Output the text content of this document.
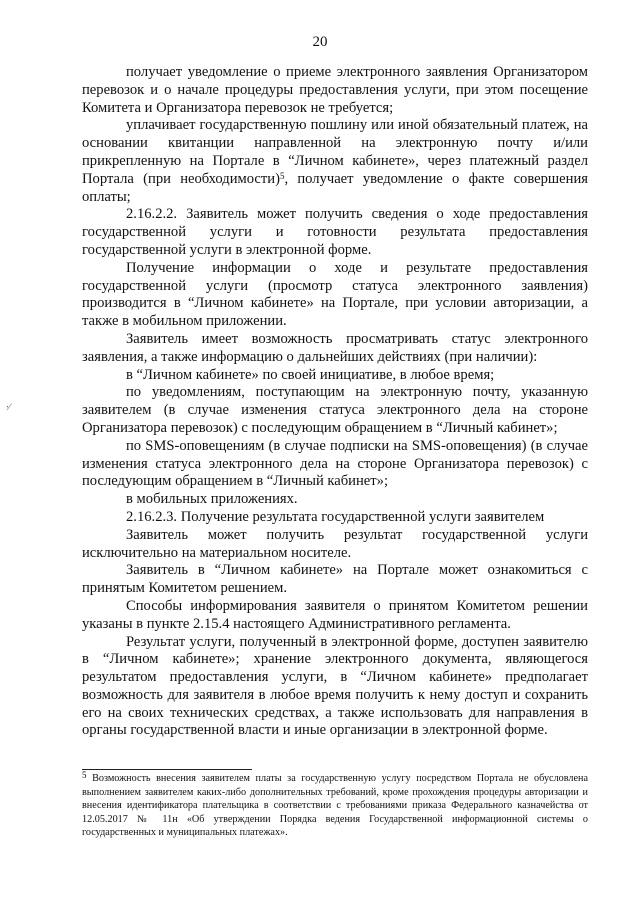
20
∙∕

получает уведомление о приеме электронного заявления Организатором перевозок и о начале процедуры предоставления услуги, при этом посещение Комитета и Организатора перевозок не требуется;

уплачивает государственную пошлину или иной обязательный платеж, на основании квитанции направленной на электронную почту и/или прикрепленную на Портале в “Личном кабинете», через платежный раздел Портала (при необходимости)$^5$, получает уведомление о факте совершения оплаты;

2.16.2.2. Заявитель может получить сведения о ходе предоставления государственной услуги и готовности результата предоставления государственной услуги в электронной форме.

Получение информации о ходе и результате предоставления государственной услуги (просмотр статуса электронного заявления) производится в “Личном кабинете» на Портале, при условии авторизации, а также в мобильном приложении.

Заявитель имеет возможность просматривать статус электронного заявления, а также информацию о дальнейших действиях (при наличии):

в “Личном кабинете» по своей инициативе, в любое время;

по уведомлениям, поступающим на электронную почту, указанную заявителем (в случае изменения статуса электронного дела на стороне Организатора перевозок) с последующим обращением в “Личный кабинет»;

по SMS-оповещениям (в случае подписки на SMS-оповещения) (в случае изменения статуса электронного дела на стороне Организатора перевозок) с последующим обращением в “Личный кабинет»;

в мобильных приложениях.

2.16.2.3. Получение результата государственной услуги заявителем

Заявитель может получить результат государственной услуги исключительно на материальном носителе.

Заявитель в “Личном кабинете» на Портале может ознакомиться с принятым Комитетом решением.

Способы информирования заявителя о принятом Комитетом решении указаны в пункте 2.15.4 настоящего Административного регламента.

Результат услуги, полученный в электронной форме, доступен заявителю в “Личном кабинете»; хранение электронного документа, являющегося результатом предоставления услуги, в “Личном кабинете» предполагает возможность для заявителя в любое время получить к нему доступ и сохранить его на своих технических средствах, а также использовать для направления в органы государственной власти и иные организации в электронной форме.

$^5$ Возможность внесения заявителем платы за государственную услугу посредством Портала не обусловлена выполнением заявителем каких-либо дополнительных требований, кроме прохождения процедуры авторизации и внесения идентификатора плательщика в соответствии с требованиями приказа Федерального казначейства от 12.05.2017 № 11н «Об утверждении Порядка ведения Государственной информационной системы о государственных и муниципальных платежах».
